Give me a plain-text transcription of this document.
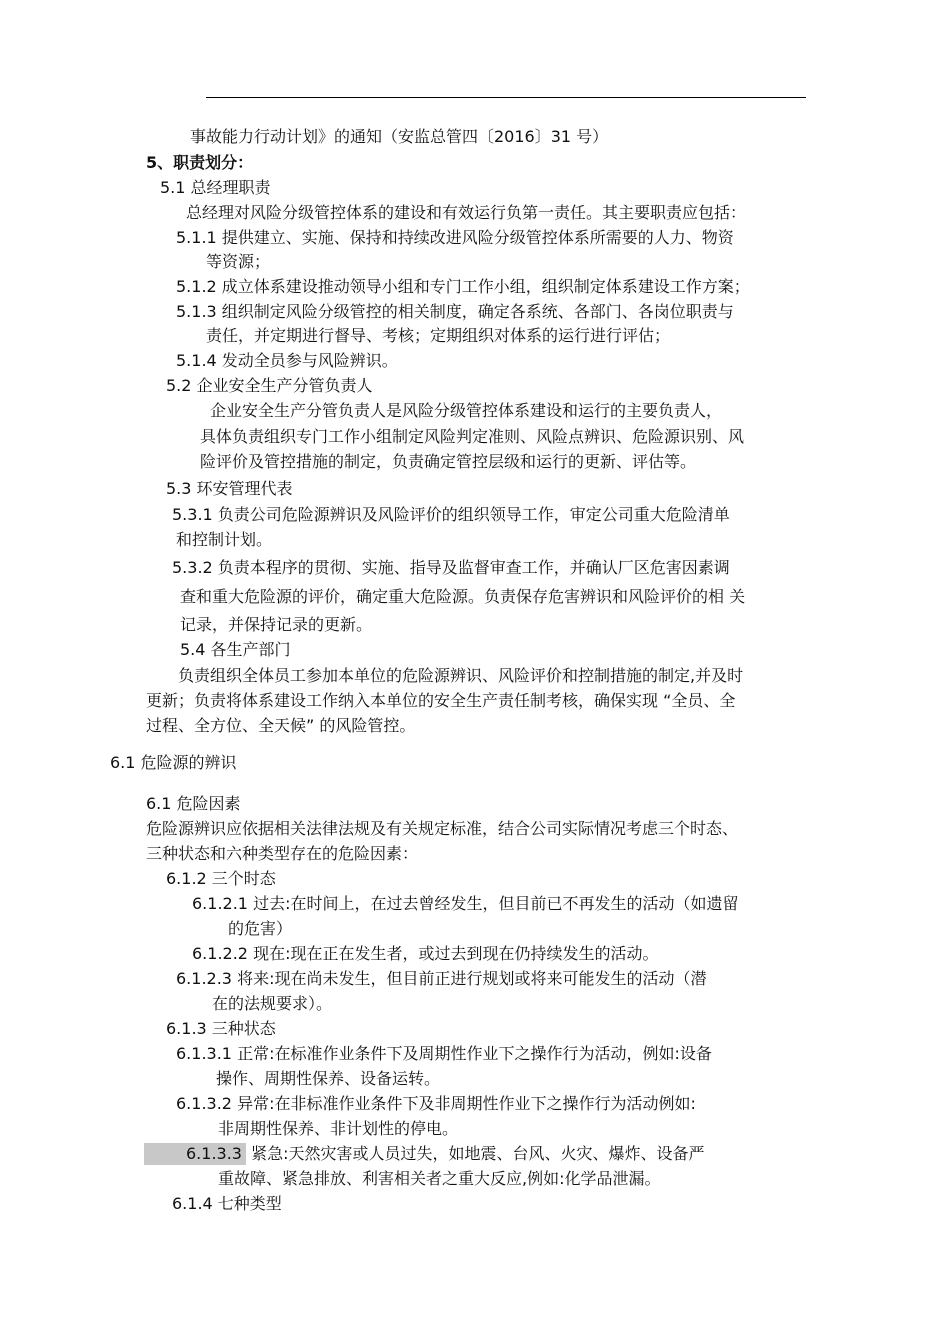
事故能力行动计划》的通知（安监总管四〔2016〕31 号）
5、职责划分：
5.1 总经理职责
总经理对风险分级管控体系的建设和有效运行负第一责任。其主要职责应包括：
5.1.1 提供建立、实施、保持和持续改进风险分级管控体系所需要的人力、物资
等资源；
5.1.2 成立体系建设推动领导小组和专门工作小组，组织制定体系建设工作方案；
5.1.3 组织制定风险分级管控的相关制度，确定各系统、各部门、各岗位职责与
责任，并定期进行督导、考核；定期组织对体系的运行进行评估；
5.1.4 发动全员参与风险辨识。
5.2 企业安全生产分管负责人
企业安全生产分管负责人是风险分级管控体系建设和运行的主要负责人，
具体负责组织专门工作小组制定风险判定准则、风险点辨识、危险源识别、风
险评价及管控措施的制定，负责确定管控层级和运行的更新、评估等。
5.3 环安管理代表
5.3.1 负责公司危险源辨识及风险评价的组织领导工作，审定公司重大危险清单
和控制计划。
5.3.2 负责本程序的贯彻、实施、指导及监督审查工作，并确认厂区危害因素调
查和重大危险源的评价，确定重大危险源。负责保存危害辨识和风险评价的相 关
记录，并保持记录的更新。
5.4 各生产部门
负责组织全体员工参加本单位的危险源辨识、风险评价和控制措施的制定,并及时
更新；负责将体系建设工作纳入本单位的安全生产责任制考核，确保实现 “全员、全
过程、全方位、全天候” 的风险管控。
6.1 危险源的辨识
6.1 危险因素
危险源辨识应依据相关法律法规及有关规定标准，结合公司实际情况考虑三个时态、
三种状态和六种类型存在的危险因素：
6.1.2 三个时态
6.1.2.1 过去:在时间上，在过去曾经发生，但目前已不再发生的活动（如遗留
的危害）
6.1.2.2 现在:现在正在发生者，或过去到现在仍持续发生的活动。
6.1.2.3 将来:现在尚未发生，但目前正进行规划或将来可能发生的活动（潜
在的法规要求）。
6.1.3 三种状态
6.1.3.1 正常:在标准作业条件下及周期性作业下之操作行为活动，例如:设备
操作、周期性保养、设备运转。
6.1.3.2 异常:在非标准作业条件下及非周期性作业下之操作行为活动例如:
非周期性保养、非计划性的停电。
6.1.3.3 紧急:天然灾害或人员过失，如地震、台风、火灾、爆炸、设备严
重故障、紧急排放、利害相关者之重大反应,例如:化学品泄漏。
6.1.4 七种类型
